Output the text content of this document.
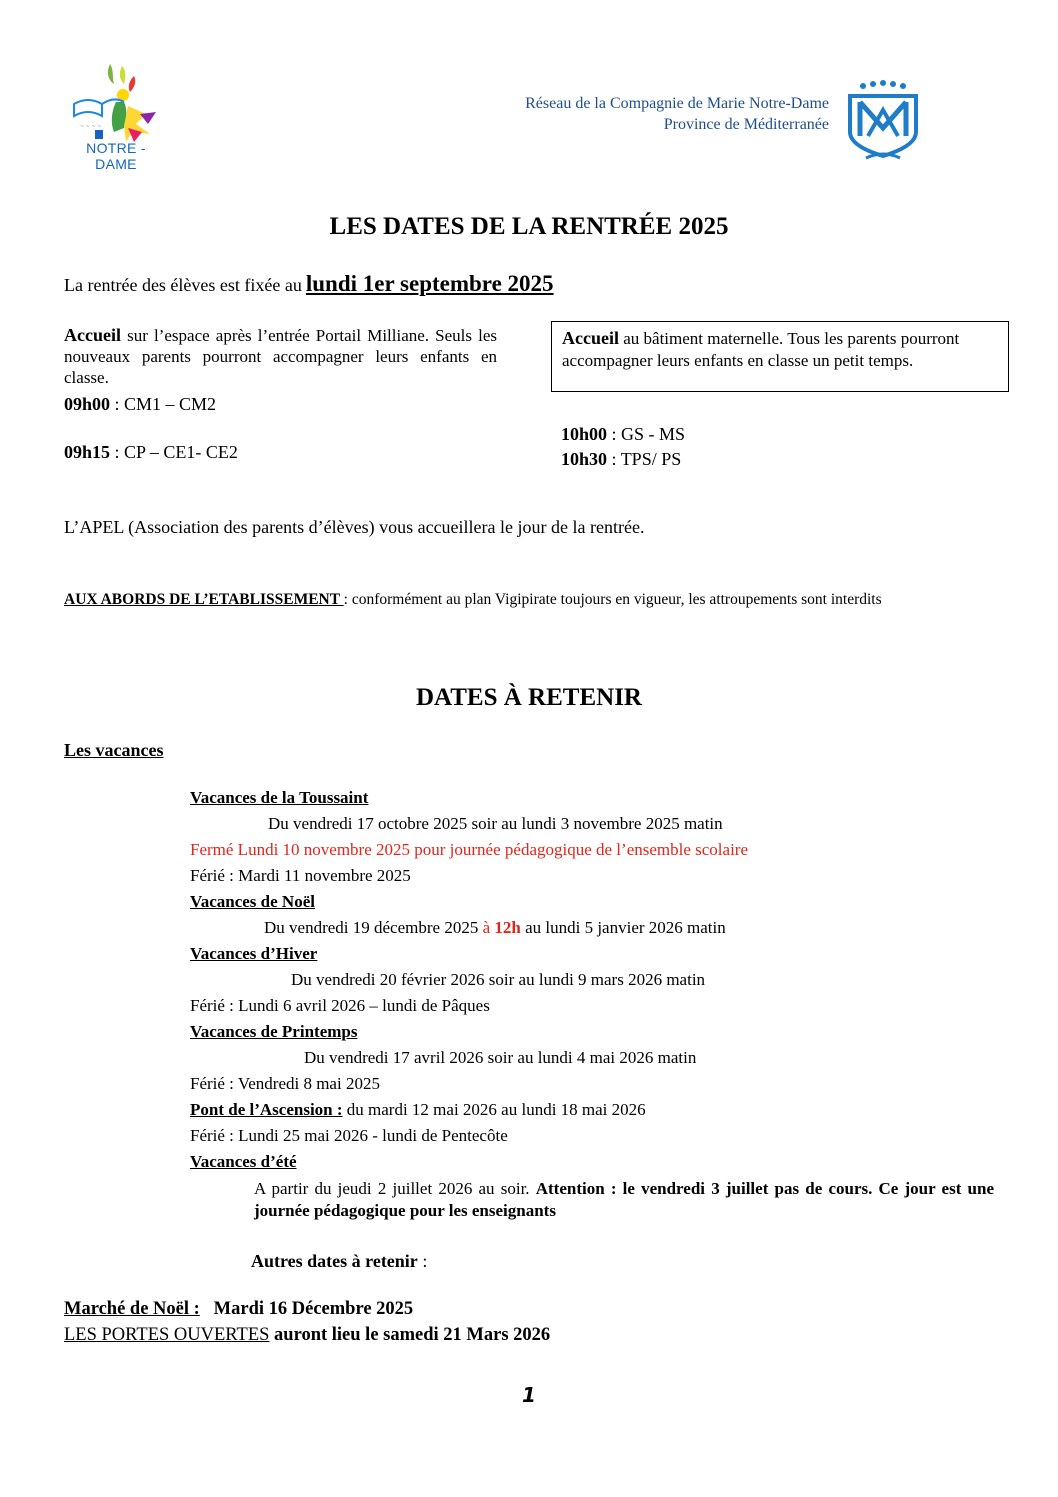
~ ~ ~ ~
NOTRE - DAME
Réseau de la Compagnie de Marie Notre-Dame
Province de Méditerranée
LES DATES DE LA RENTRÉE 2025
La rentrée des élèves est fixée au lundi 1er septembre 2025
Accueil sur l’espace après l’entrée Portail Milliane. Seuls les nouveaux parents pourront accompagner leurs enfants en classe.
09h00 : CM1 – CM2
09h15 : CP – CE1- CE2
Accueil au bâtiment maternelle. Tous les parents pourront accompagner leurs enfants en classe un petit temps.
10h00 : GS - MS
10h30 : TPS/ PS
L’APEL (Association des parents d’élèves) vous accueillera le jour de la rentrée.
AUX ABORDS DE L’ETABLISSEMENT : conformément au plan Vigipirate toujours en vigueur, les attroupements sont interdits
DATES À RETENIR
Les vacances
Vacances de la Toussaint
Du vendredi 17 octobre 2025 soir au lundi 3 novembre 2025 matin
Fermé Lundi 10 novembre 2025 pour journée pédagogique de l’ensemble scolaire
Férié : Mardi 11 novembre 2025
Vacances de Noël
Du vendredi 19 décembre 2025 à 12h au lundi 5 janvier 2026 matin
Vacances d’Hiver
Du vendredi 20 février 2026 soir au lundi 9 mars 2026 matin
Férié : Lundi 6 avril 2026 – lundi de Pâques
Vacances de Printemps
Du vendredi 17 avril 2026 soir au lundi 4 mai 2026 matin
Férié : Vendredi 8 mai 2025
Pont de l’Ascension : du mardi 12 mai 2026 au lundi 18 mai 2026
Férié : Lundi 25 mai 2026 - lundi de Pentecôte
Vacances d’été
A partir du jeudi 2 juillet 2026 au soir. Attention : le vendredi 3 juillet pas de cours. Ce jour est une journée pédagogique pour les enseignants
Autres dates à retenir :
Marché de Noël :   Mardi 16 Décembre 2025
LES PORTES OUVERTES auront lieu le samedi 21 Mars 2026
1
